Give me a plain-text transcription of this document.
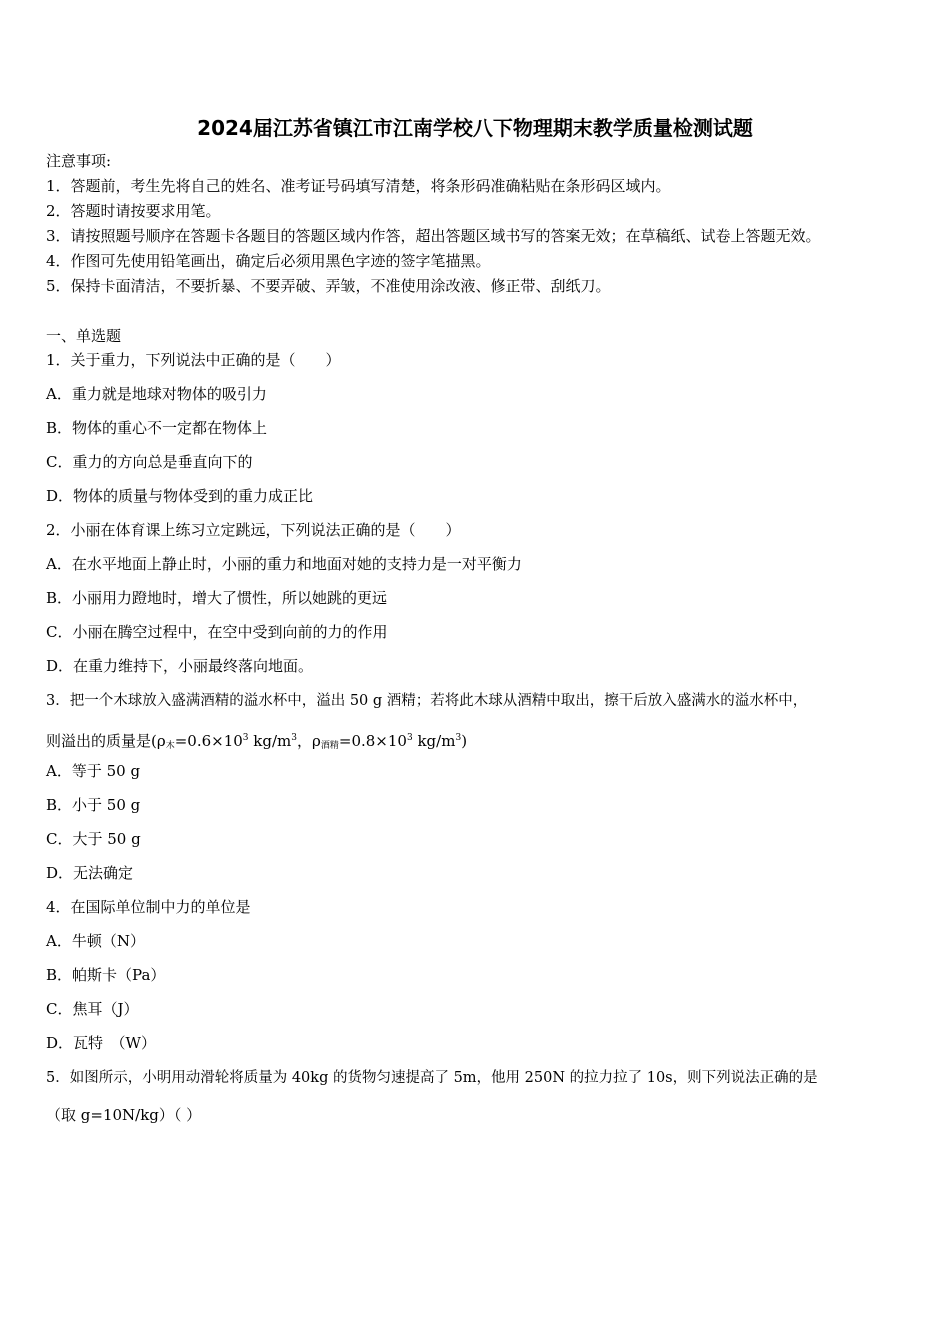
2024届江苏省镇江市江南学校八下物理期末教学质量检测试题
注意事项:
1．答题前，考生先将自己的姓名、准考证号码填写清楚，将条形码准确粘贴在条形码区域内。
2．答题时请按要求用笔。
3．请按照题号顺序在答题卡各题目的答题区域内作答，超出答题区域书写的答案无效；在草稿纸、试卷上答题无效。
4．作图可先使用铅笔画出，确定后必须用黑色字迹的签字笔描黑。
5．保持卡面清洁，不要折暴、不要弄破、弄皱，不准使用涂改液、修正带、刮纸刀。
一、单选题
1．关于重力，下列说法中正确的是（　　）
A．重力就是地球对物体的吸引力
B．物体的重心不一定都在物体上
C．重力的方向总是垂直向下的
D．物体的质量与物体受到的重力成正比
2．小丽在体育课上练习立定跳远，下列说法正确的是（　　）
A．在水平地面上静止时，小丽的重力和地面对她的支持力是一对平衡力
B．小丽用力蹬地时，增大了惯性，所以她跳的更远
C．小丽在腾空过程中，在空中受到向前的力的作用
D．在重力维持下，小丽最终落向地面。
3．把一个木球放入盛满酒精的溢水杯中，溢出 50 g 酒精；若将此木球从酒精中取出，擦干后放入盛满水的溢水杯中，
则溢出的质量是($\rho_木=0.6\times 10^3$ $kg/m^3$，$\rho_{酒精}=0.8\times 10^3$ $kg/m^3$)
A．等于 50 g
B．小于 50 g
C．大于 50 g
D．无法确定
4．在国际单位制中力的单位是
A．牛顿（N）
B．帕斯卡（Pa）
C．焦耳（J）
D．瓦特　（W）
5．如图所示，小明用动滑轮将质量为 40kg 的货物匀速提高了 5m，他用 250N 的拉力拉了 10s，则下列说法正确的是
（取 g=10N/kg）（ ）
